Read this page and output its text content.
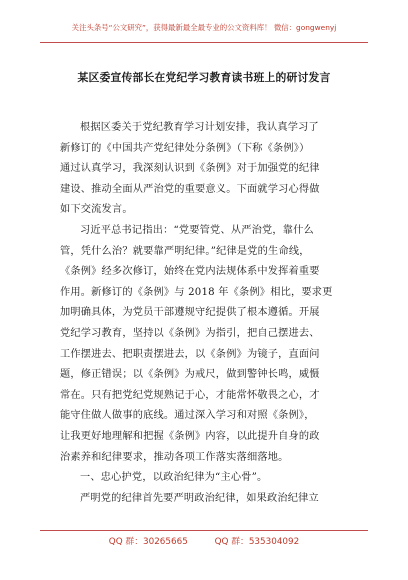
关注头条号“公文研究”，获得最新最全最专业的公文资料库！ 微信：gongwenyj
某区委宣传部长在党纪学习教育读书班上的研讨发言
根据区委关于党纪教育学习计划安排，我认真学习了
新修订的《中国共产党纪律处分条例》（下称《条例》）
通过认真学习，我深刻认识到《条例》对于加强党的纪律
建设、推动全面从严治党的重要意义。下面就学习心得做
如下交流发言。
习近平总书记指出：“党要管党、从严治党，靠什么
管，凭什么治？就要靠严明纪律。”纪律是党的生命线，
《条例》经多次修订，始终在党内法规体系中发挥着重要
作用。新修订的《条例》与 2018 年《条例》相比，要求更
加明确具体，为党员干部遵规守纪提供了根本遵循。开展
党纪学习教育，坚持以《条例》为指引，把自己摆进去、
工作摆进去、把职责摆进去，以《条例》为镜子，直面问
题，修正错误；以《条例》为戒尺，做到警钟长鸣，威慑
常在。只有把党纪党规熟记于心，才能常怀敬畏之心，才
能守住做人做事的底线。通过深入学习和对照《条例》，
让我更好地理解和把握《条例》内容，以此提升自身的政
治素养和纪律要求，推动各项工作落实落细落地。
一、忠心护党，以政治纪律为“主心骨”。
严明党的纪律首先要严明政治纪律，如果政治纪律立
QQ 群：30265665	QQ 群：535304092
